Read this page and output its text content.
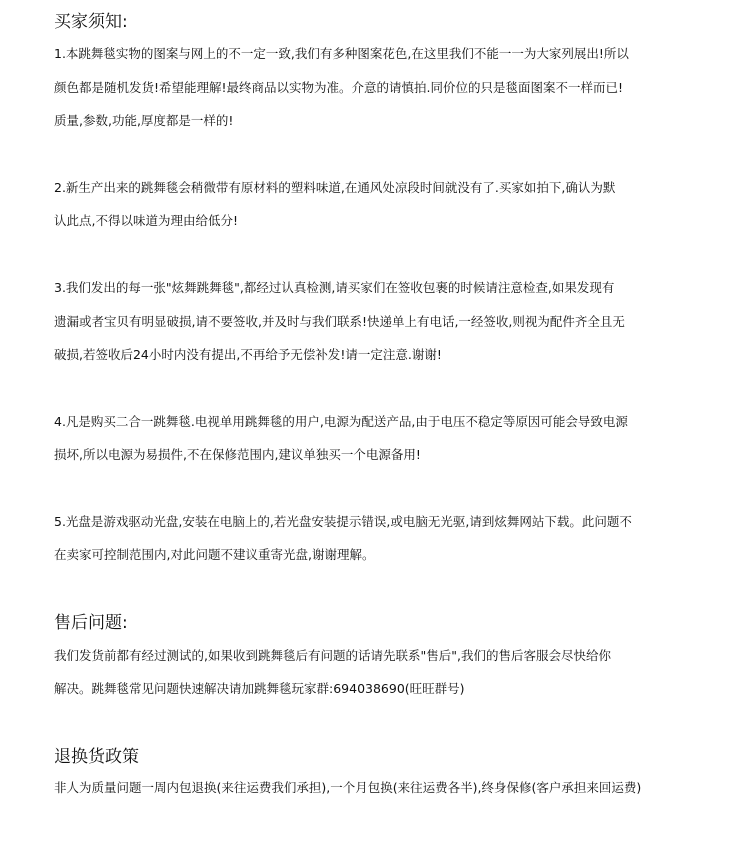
买家须知:

1.本跳舞毯实物的图案与网上的不一定一致,我们有多种图案花色,在这里我们不能一一为大家列展出!所以

颜色都是随机发货!希望能理解!最终商品以实物为准。介意的请慎拍.同价位的只是毯面图案不一样而已!

质量,参数,功能,厚度都是一样的!

2.新生产出来的跳舞毯会稍微带有原材料的塑料味道,在通风处凉段时间就没有了.买家如拍下,确认为默

认此点,不得以味道为理由给低分!

3.我们发出的每一张"炫舞跳舞毯",都经过认真检测,请买家们在签收包裹的时候请注意检查,如果发现有

遗漏或者宝贝有明显破损,请不要签收,并及时与我们联系!快递单上有电话,一经签收,则视为配件齐全且无

破损,若签收后24小时内没有提出,不再给予无偿补发!请一定注意.谢谢!

4.凡是购买二合一跳舞毯.电视单用跳舞毯的用户,电源为配送产品,由于电压不稳定等原因可能会导致电源

损坏,所以电源为易损件,不在保修范围内,建议单独买一个电源备用!

5.光盘是游戏驱动光盘,安装在电脑上的,若光盘安装提示错误,或电脑无光驱,请到炫舞网站下载。此问题不

在卖家可控制范围内,对此问题不建议重寄光盘,谢谢理解。

售后问题:

我们发货前都有经过测试的,如果收到跳舞毯后有问题的话请先联系"售后",我们的售后客服会尽快给你

解决。跳舞毯常见问题快速解决请加跳舞毯玩家群:694038690(旺旺群号)

退换货政策

非人为质量问题一周内包退换(来往运费我们承担),一个月包换(来往运费各半),终身保修(客户承担来回运费)
